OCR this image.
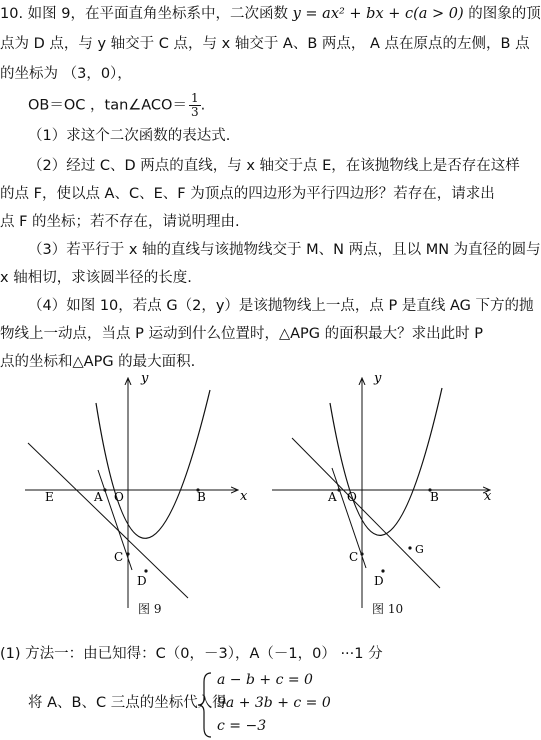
10. 如图 9，在平面直角坐标系中，二次函数 y = ax² + bx + c(a > 0) 的图象的顶
点为 D 点，与 y 轴交于 C 点，与 x 轴交于 A、B 两点， A 点在原点的左侧，B 点
的坐标为 （3，0），
OB＝OC ，tan∠ACO＝ $\frac{1}{3}$ .
（1）求这个二次函数的表达式.
（2）经过 C、D 两点的直线，与 x 轴交于点 E，在该抛物线上是否存在这样
的点 F，使以点 A、C、E、F 为顶点的四边形为平行四边形？若存在，请求出
点 F 的坐标；若不存在，请说明理由.
（3）若平行于 x 轴的直线与该抛物线交于 M、N 两点，且以 MN 为直径的圆与
x 轴相切，求该圆半径的长度.
（4）如图 10，若点 G（2，y）是该抛物线上一点，点 P 是直线 AG 下方的抛
物线上一动点，当点 P 运动到什么位置时，△APG 的面积最大？求出此时 P
点的坐标和△APG 的最大面积.
y
x
O
A	B
E
C
D
图 9
y
x
O
A	B
C
D
G
图 10
(1) 方法一：由已知得：C（0，－3），A（－1，0） ···1 分
将 A、B、C 三点的坐标代入得
a − b + c = 0
9a + 3b + c = 0
c = −3
